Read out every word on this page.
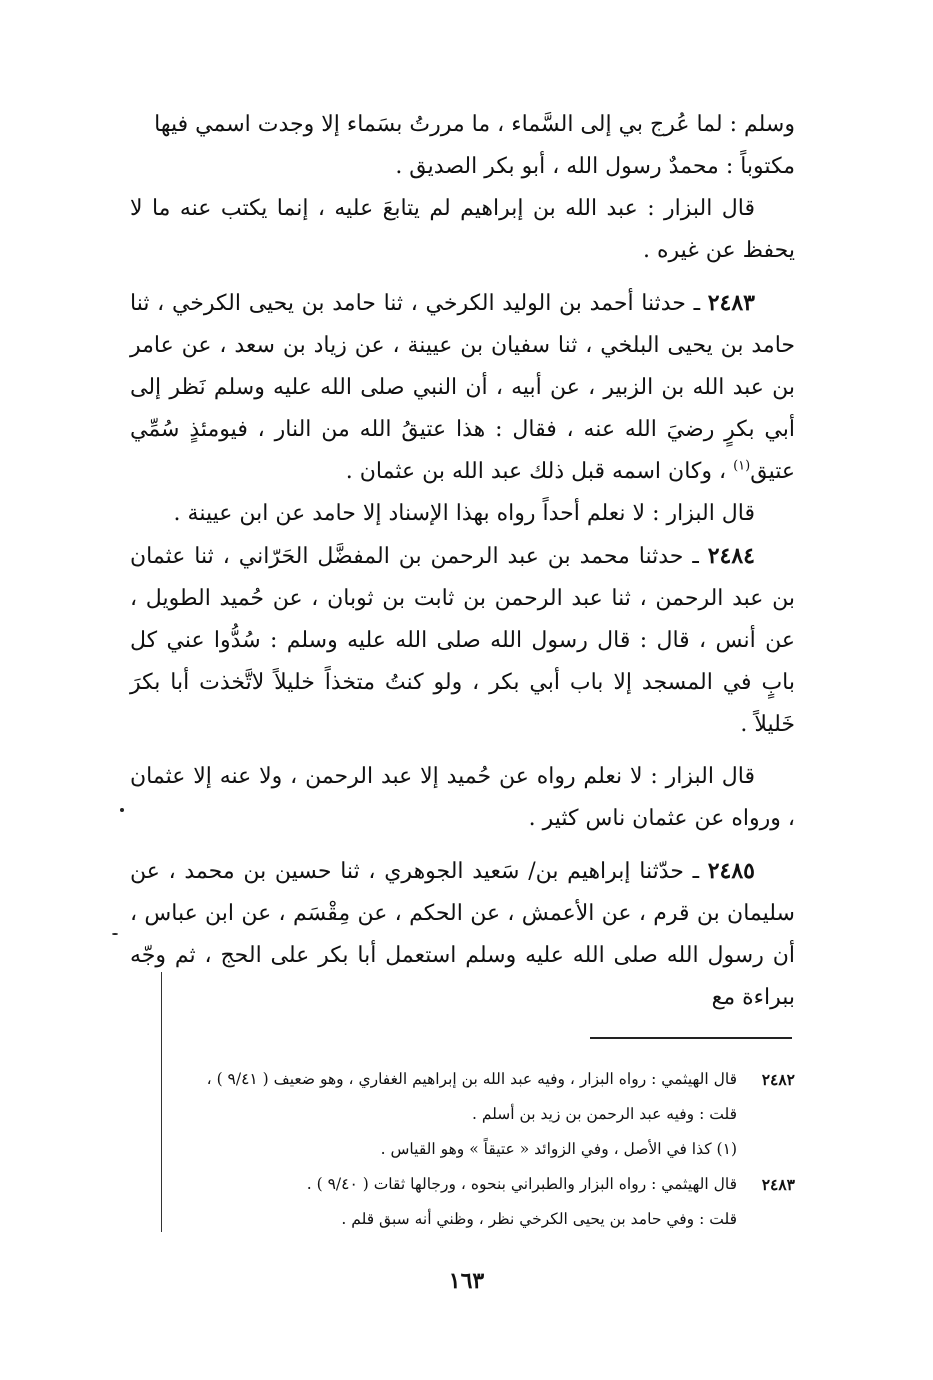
وسلم : لما عُرج بي إلى السَّماء ، ما مررتُ بسَماء إلا وجدت اسمي فيها
مكتوباً : محمدٌ رسول الله ، أبو بكر الصديق .

قال البزار : عبد الله بن إبراهيم لم يتابعَ عليه ، إنما يكتب عنه ما لا يحفظ عن غيره .

٢٤٨٣ ـ حدثنا أحمد بن الوليد الكرخي ، ثنا حامد بن يحيى الكرخي ، ثنا حامد بن يحيى البلخي ، ثنا سفيان بن عيينة ، عن زياد بن سعد ، عن عامر بن عبد الله بن الزبير ، عن أبيه ، أن النبي صلى الله عليه وسلم نَظر إلى أبي بكرٍ رضيَ الله عنه ، فقال : هذا عتيقُ الله من النار ، فيومئذٍ سُمِّي عتيق$^{(١)}$ ، وكان اسمه قبل ذلك عبد الله بن عثمان .

قال البزار : لا نعلم أحداً رواه بهذا الإسناد إلا حامد عن ابن عيينة .

٢٤٨٤ ـ حدثنا محمد بن عبد الرحمن بن المفضَّل الحَرّاني ، ثنا عثمان بن عبد الرحمن ، ثنا عبد الرحمن بن ثابت بن ثوبان ، عن حُميد الطويل ، عن أنس ، قال : قال رسول الله صلى الله عليه وسلم : سُدُّوا عني كل بابٍ في المسجد إلا باب أبي بكر ، ولو كنتُ متخذاً خليلاً لاتَّخذت أبا بكرَ خَليلاً .

قال البزار : لا نعلم رواه عن حُميد إلا عبد الرحمن ، ولا عنه إلا عثمان ، ورواه عن عثمان ناس كثير .

٢٤٨٥ ـ حدّثنا إبراهيم بن/ سَعيد الجوهري ، ثنا حسين بن محمد ، عن سليمان بن قرم ، عن الأعمش ، عن الحكم ، عن مِقْسَم ، عن ابن عباس ، أن رسول الله صلى الله عليه وسلم استعمل أبا بكر على الحج ، ثم وجّه ببراءة مع

٢٤٨٢
قال الهيثمي : رواه البزار ، وفيه عبد الله بن إبراهيم الغفاري ، وهو ضعيف ( ٩/٤١ ) ،
قلت : وفيه عبد الرحمن بن زيد بن أسلم .
(١) كذا في الأصل ، وفي الزوائد « عتيقاً » وهو القياس .
٢٤٨٣
قال الهيثمي : رواه البزار والطبراني بنحوه ، ورجالها ثقات ( ٩/٤٠ ) .
قلت : وفي حامد بن يحيى الكرخي نظر ، وظني أنه سبق قلم .
١٦٣
